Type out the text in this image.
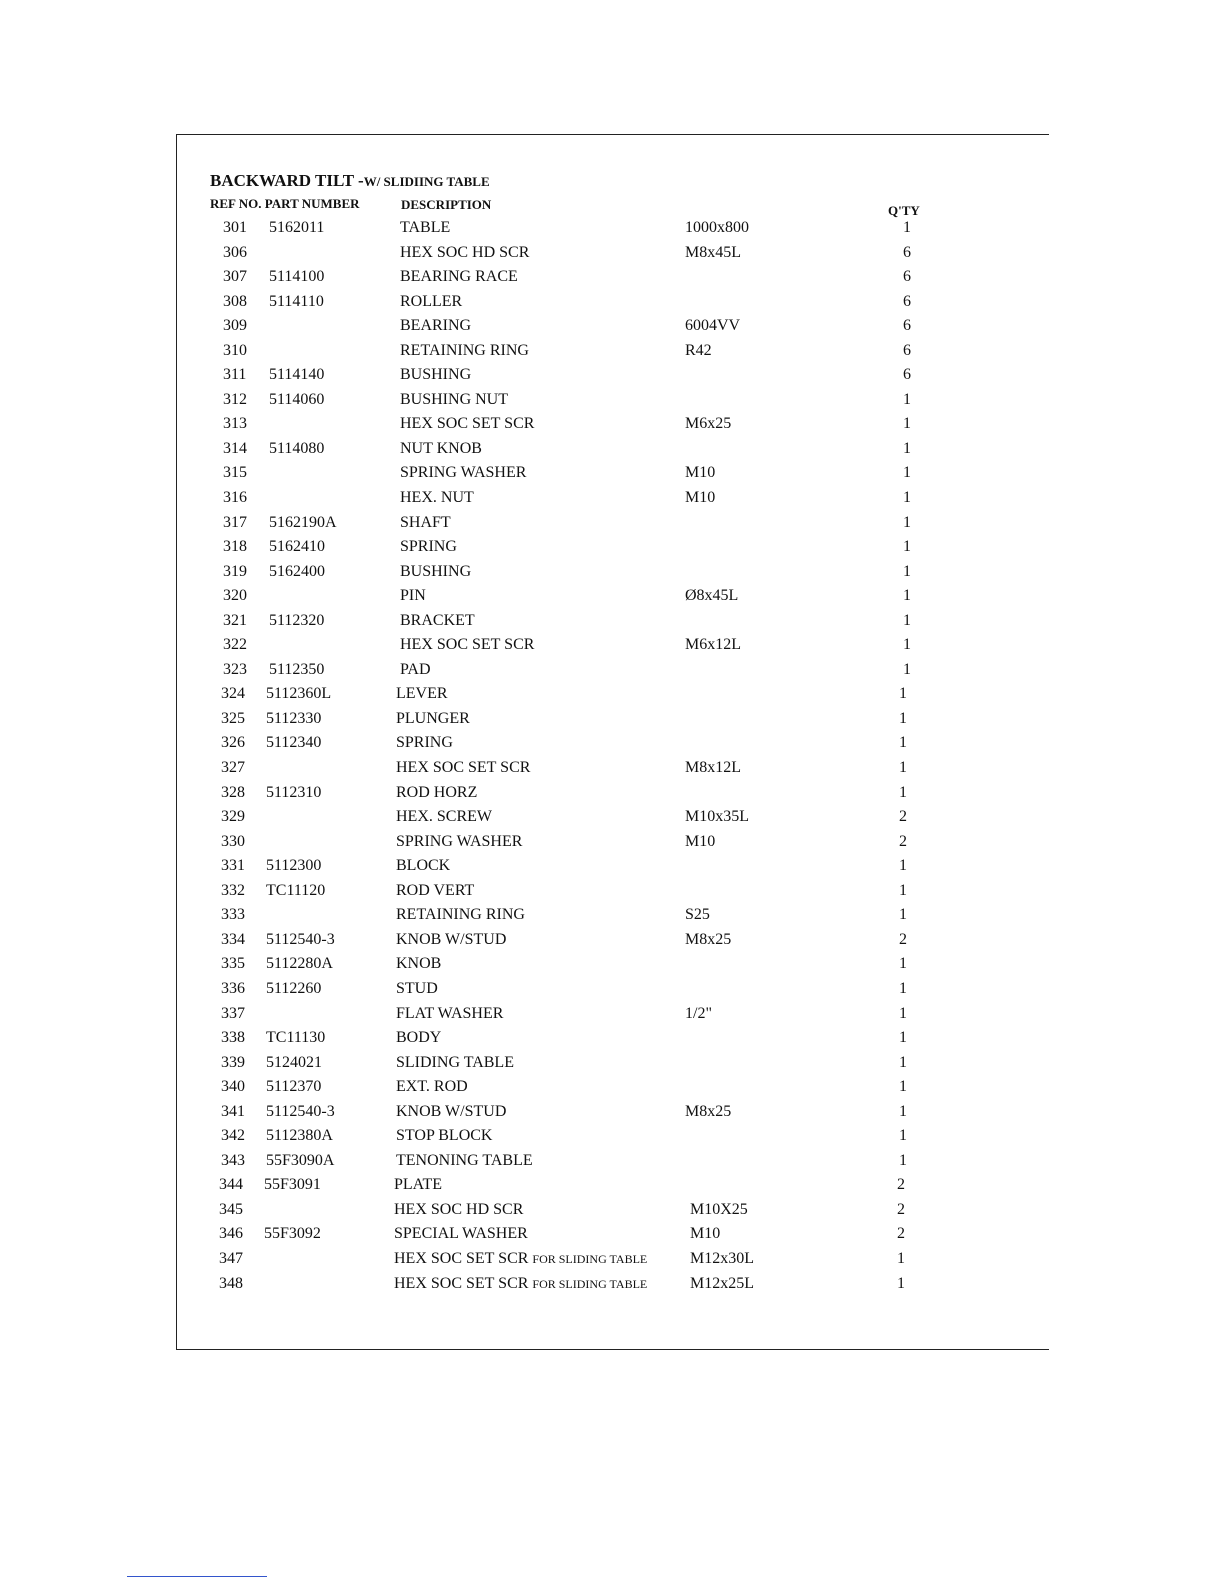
BACKWARD TILT -W/ SLIDIING TABLE
REF NO. PART NUMBER	DESCRIPTION	Q'TY
301 5162011	TABLE	1000x800	1
306	HEX SOC HD SCR	M8x45L	6
307 5114100	BEARING RACE	6
308 5114110	ROLLER	6
309	BEARING	6004VV	6
310	RETAINING RING	R42	6
311 5114140	BUSHING	6
312 5114060	BUSHING NUT	1
313	HEX SOC SET SCR	M6x25	1
314 5114080	NUT KNOB	1
315	SPRING WASHER	M10	1
316	HEX. NUT	M10	1
317 5162190A	SHAFT	1
318 5162410	SPRING	1
319 5162400	BUSHING	1
320	PIN	Ø8x45L	1
321 5112320	BRACKET	1
322	HEX SOC SET SCR	M6x12L	1
323 5112350	PAD	1
324 5112360L	LEVER	1
325 5112330	PLUNGER	1
326 5112340	SPRING	1
327	HEX SOC SET SCR	M8x12L	1
328 5112310	ROD HORZ	1
329	HEX. SCREW	M10x35L	2
330	SPRING WASHER	M10	2
331 5112300	BLOCK	1
332 TC11120	ROD VERT	1
333	RETAINING RING	S25	1
334 5112540-3	KNOB W/STUD	M8x25	2
335 5112280A	KNOB	1
336 5112260	STUD	1
337	FLAT WASHER	1/2"	1
338 TC11130	BODY	1
339 5124021	SLIDING TABLE	1
340 5112370	EXT. ROD	1
341 5112540-3	KNOB W/STUD	M8x25	1
342 5112380A	STOP BLOCK	1
343 55F3090A	TENONING TABLE	1
344 55F3091	PLATE	2
345	HEX SOC HD SCR	M10X25	2
346 55F3092	SPECIAL WASHER	M10	2
347	HEX SOC SET SCR FOR SLIDING TABLE	M12x30L	1
348	HEX SOC SET SCR FOR SLIDING TABLE	M12x25L	1
